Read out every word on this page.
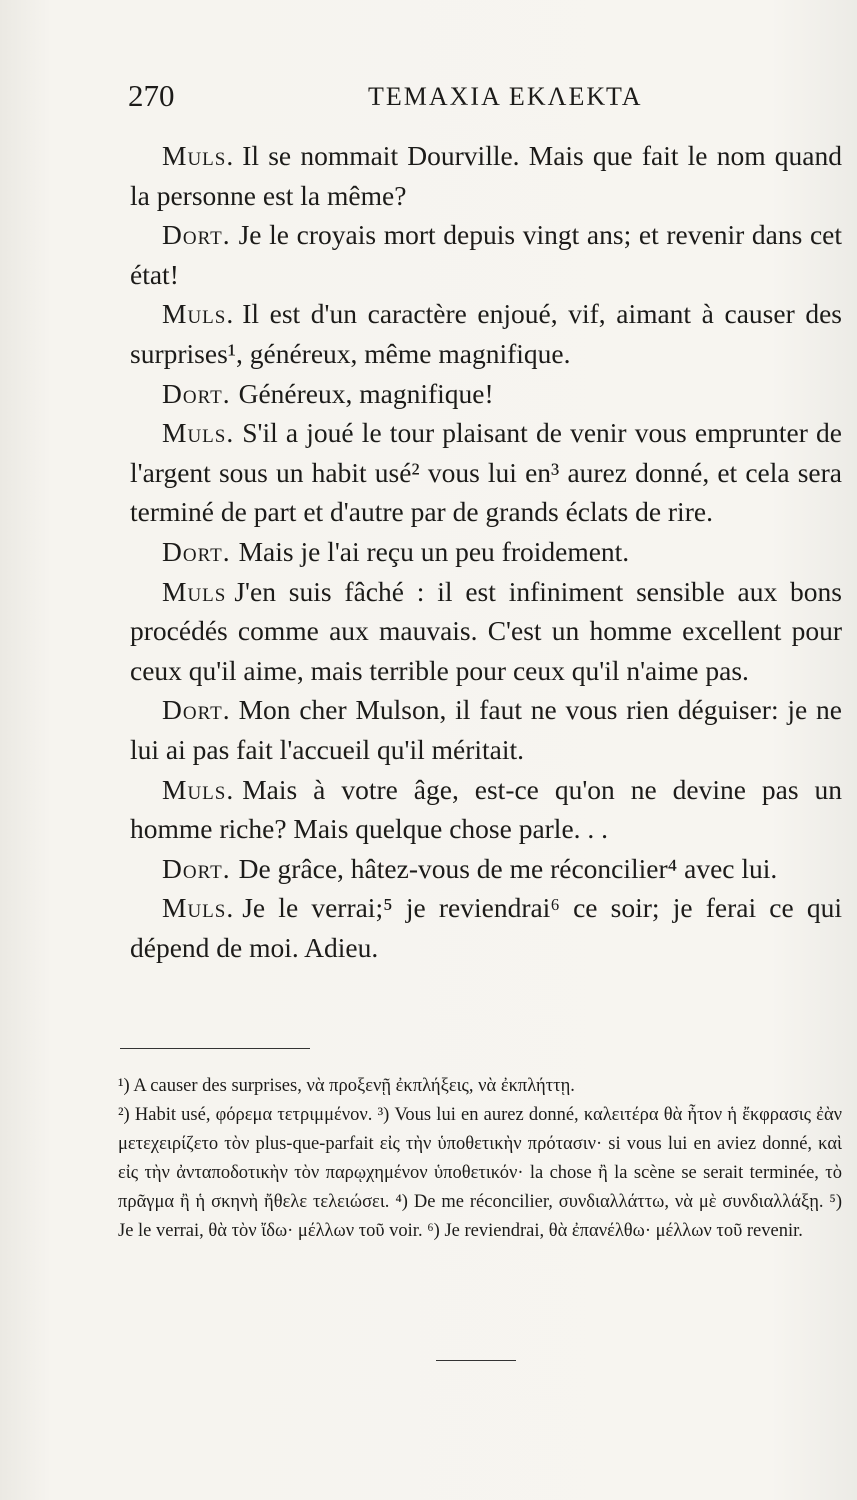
270	ΤΕΜΑΧΙΑ ΕΚΛΕΚΤΑ

Muls. Il se nommait Dourville. Mais que fait le nom quand la personne est la même?

Dort. Je le croyais mort depuis vingt ans; et revenir dans cet état!

Muls. Il est d'un caractère enjoué, vif, aimant à causer des surprises¹, généreux, même magnifique.

Dort. Généreux, magnifique!

Muls. S'il a joué le tour plaisant de venir vous emprunter de l'argent sous un habit usé² vous lui en³ aurez donné, et cela sera terminé de part et d'autre par de grands éclats de rire.

Dort. Mais je l'ai reçu un peu froidement.

Muls J'en suis fâché : il est infiniment sensible aux bons procédés comme aux mauvais. C'est un homme excellent pour ceux qu'il aime, mais terrible pour ceux qu'il n'aime pas.

Dort. Mon cher Mulson, il faut ne vous rien déguiser: je ne lui ai pas fait l'accueil qu'il méritait.

Muls. Mais à votre âge, est-ce qu'on ne devine pas un homme riche? Mais quelque chose parle. . .

Dort. De grâce, hâtez-vous de me réconcilier⁴ avec lui.

Muls. Je le verrai;⁵ je reviendrai⁶ ce soir; je ferai ce qui dépend de moi. Adieu.

¹) A causer des surprises, νὰ προξενῇ ἐκπλήξεις, νὰ ἐκπλήττῃ.
²) Habit usé, φόρεμα τετριμμένον. ³) Vous lui en aurez donné, καλειτέρα θὰ ἦτον ἡ ἔκφρασις ἐὰν μετεχειρίζετο τὸν plus-que-parfait εἰς τὴν ὑποθετικὴν πρότασιν· si vous lui en aviez donné, καὶ εἰς τὴν ἀνταποδοτικὴν τὸν παρῳχημένον ὑποθετικόν· la chose ἢ la scène se serait terminée, τὸ πρᾶγμα ἢ ἡ σκηνὴ ἤθελε τελειώσει. ⁴) De me réconcilier, συνδιαλλάττω, νὰ μὲ συνδιαλλάξῃ. ⁵) Je le verrai, θὰ τὸν ἴδω· μέλλων τοῦ voir. ⁶) Je reviendrai, θὰ ἐπανέλθω· μέλλων τοῦ revenir.
